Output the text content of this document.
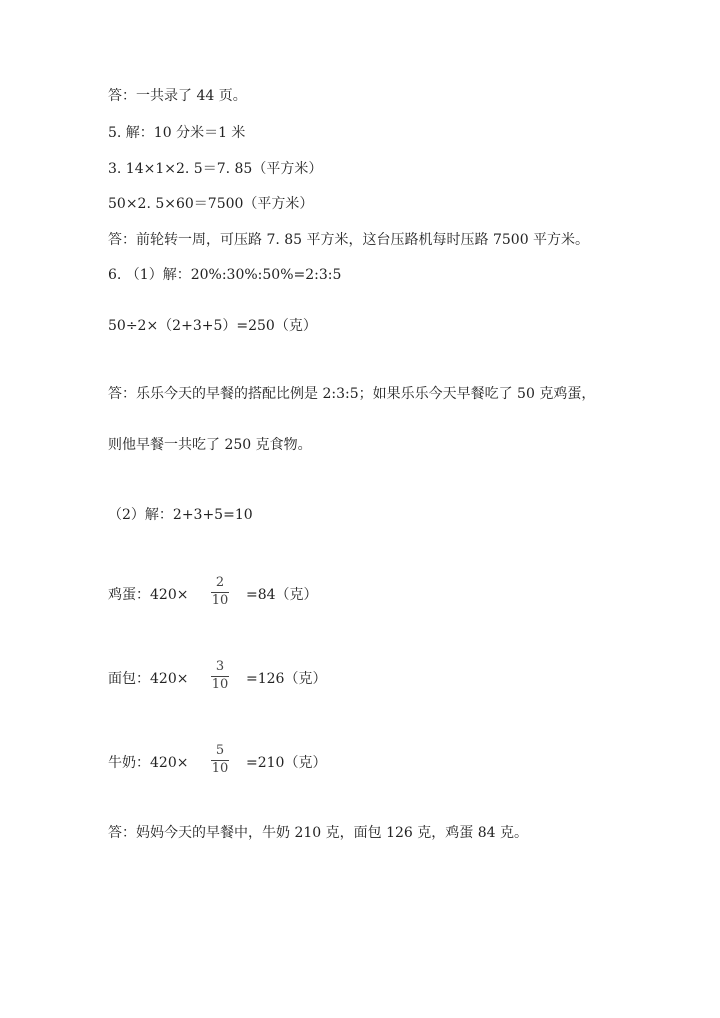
答：一共录了 44 页。
5. 解：10 分米＝1 米
3. 14×1×2. 5＝7. 85（平方米）
50×2. 5×60＝7500（平方米）
答：前轮转一周，可压路 7. 85 平方米，这台压路机每时压路 7500 平方米。
6. （1）解：20%:30%:50%=2:3:5
50÷2×（2+3+5）=250（克）
答：乐乐今天的早餐的搭配比例是 2:3:5；如果乐乐今天早餐吃了 50 克鸡蛋，
则他早餐一共吃了 250 克食物。
（2）解：2+3+5=10
鸡蛋：420×
2
10 =84（克）
面包：420×
3
10 =126（克）
牛奶：420×
5
10 =210（克）
答：妈妈今天的早餐中，牛奶 210 克，面包 126 克，鸡蛋 84 克。
